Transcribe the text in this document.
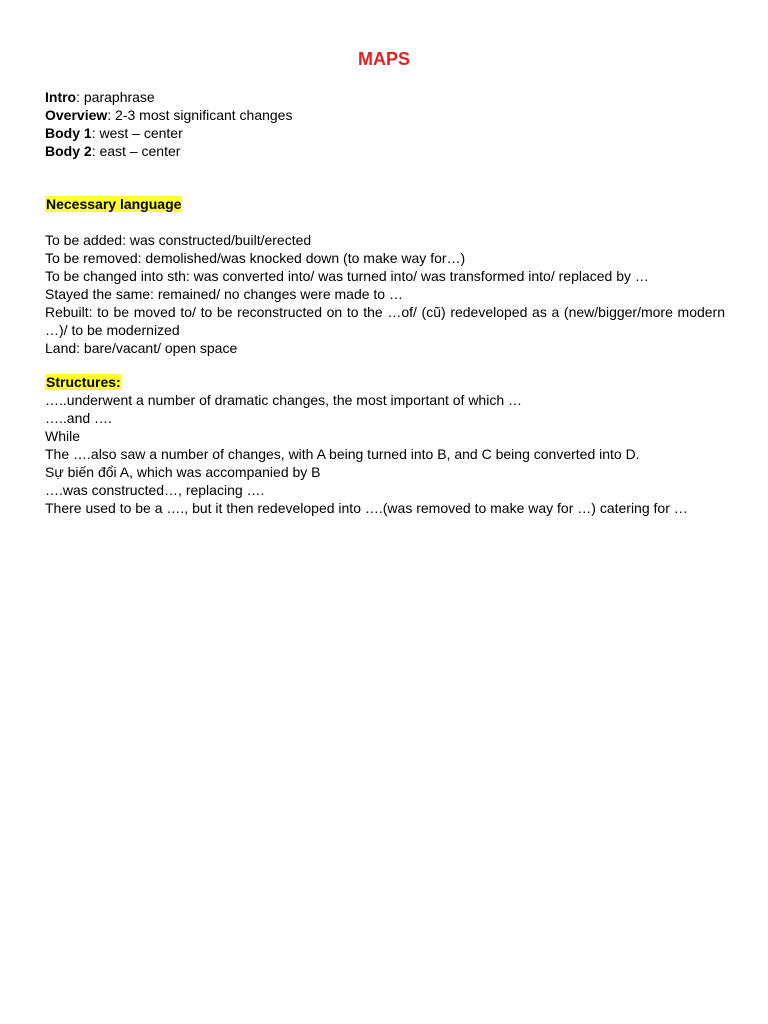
MAPS
Intro: paraphrase
Overview: 2-3 most significant changes
Body 1: west – center
Body 2: east – center
Necessary language
To be added: was constructed/built/erected
To be removed: demolished/was knocked down (to make way for…)
To be changed into sth: was converted into/ was turned into/ was transformed into/ replaced by …
Stayed the same: remained/ no changes were made to …
Rebuilt: to be moved to/ to be reconstructed on to the …of/ (cũ) redeveloped as a (new/bigger/more modern …)/ to be modernized
Land: bare/vacant/ open space
Structures:
…..underwent a number of dramatic changes, the most important of which …
…..and ….
While
The ….also saw a number of changes, with A being turned into B, and C being converted into D.
Sự biến đổi A, which was accompanied by B
….was constructed…, replacing ….
There used to be a …., but it then redeveloped into ….(was removed to make way for …) catering for …
